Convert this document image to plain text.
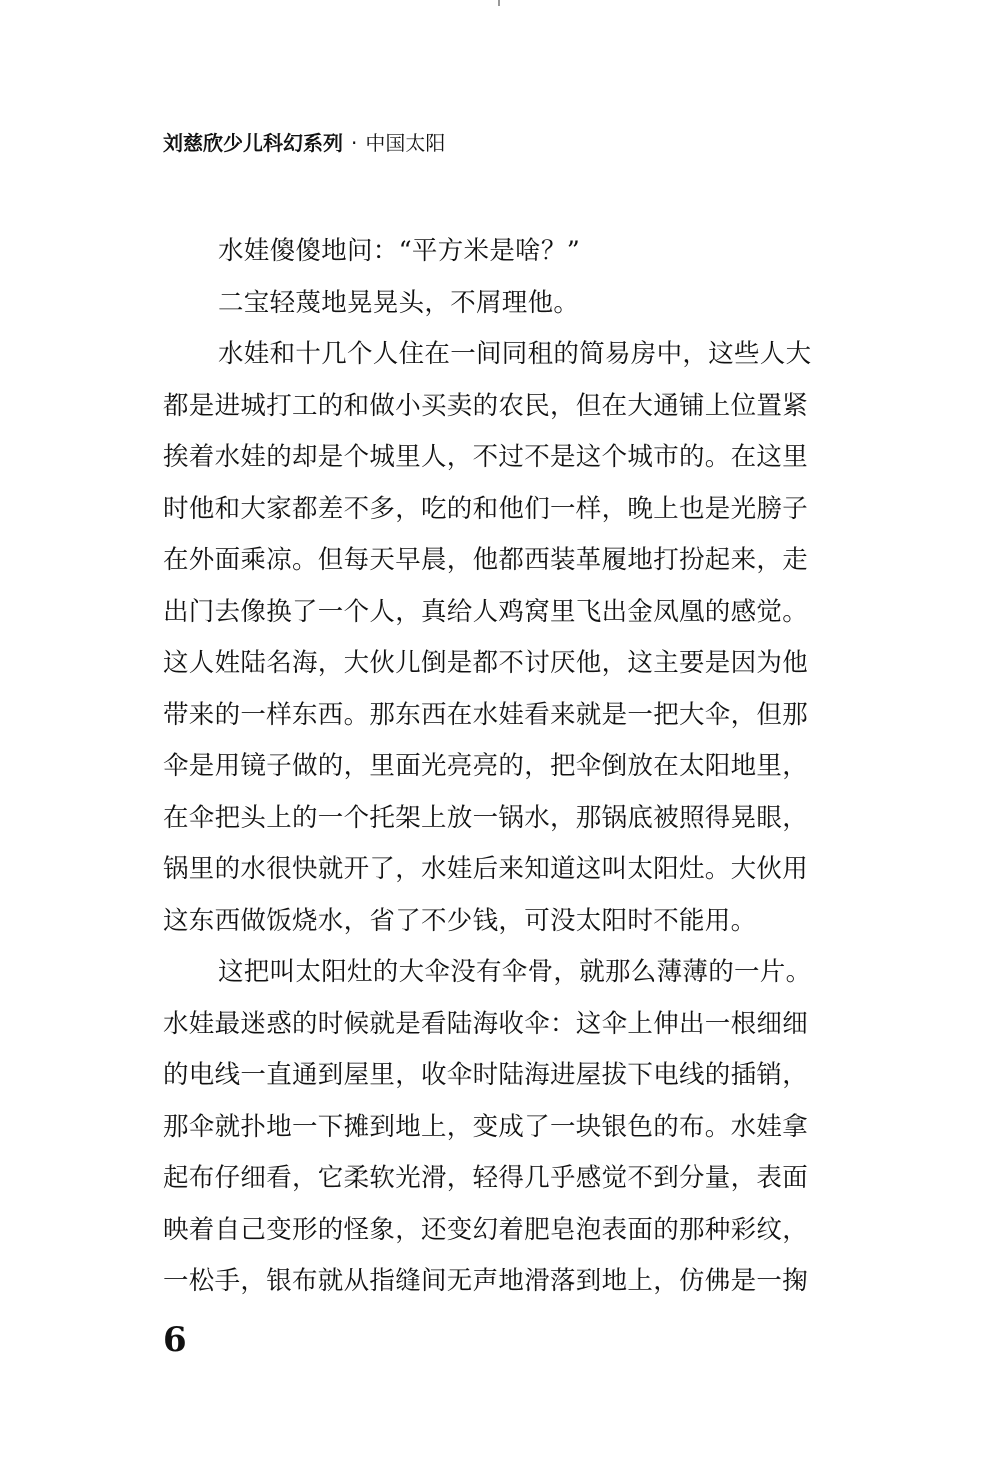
刘慈欣少儿科幻系列 · 中国太阳
水娃傻傻地问：“平方米是啥？”
二宝轻蔑地晃晃头，不屑理他。
水娃和十几个人住在一间同租的简易房中，这些人大
都是进城打工的和做小买卖的农民，但在大通铺上位置紧
挨着水娃的却是个城里人，不过不是这个城市的。在这里
时他和大家都差不多，吃的和他们一样，晚上也是光膀子
在外面乘凉。但每天早晨，他都西装革履地打扮起来，走
出门去像换了一个人，真给人鸡窝里飞出金凤凰的感觉。
这人姓陆名海，大伙儿倒是都不讨厌他，这主要是因为他
带来的一样东西。那东西在水娃看来就是一把大伞，但那
伞是用镜子做的，里面光亮亮的，把伞倒放在太阳地里，
在伞把头上的一个托架上放一锅水，那锅底被照得晃眼，
锅里的水很快就开了，水娃后来知道这叫太阳灶。大伙用
这东西做饭烧水，省了不少钱，可没太阳时不能用。
这把叫太阳灶的大伞没有伞骨，就那么薄薄的一片。
水娃最迷惑的时候就是看陆海收伞：这伞上伸出一根细细
的电线一直通到屋里，收伞时陆海进屋拔下电线的插销，
那伞就扑地一下摊到地上，变成了一块银色的布。水娃拿
起布仔细看，它柔软光滑，轻得几乎感觉不到分量，表面
映着自己变形的怪象，还变幻着肥皂泡表面的那种彩纹，
一松手，银布就从指缝间无声地滑落到地上，仿佛是一掬
6
